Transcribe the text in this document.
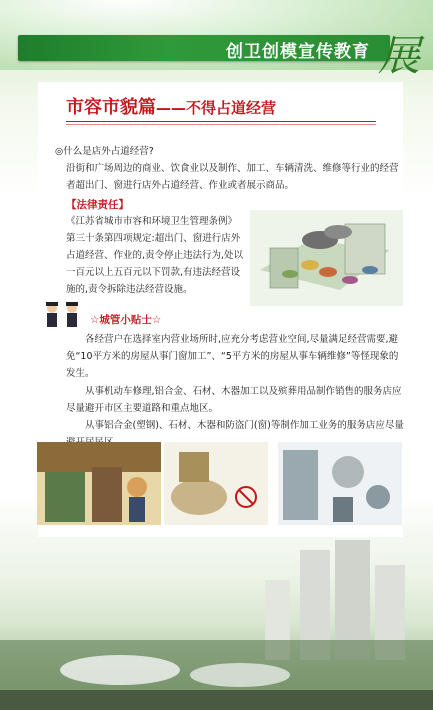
创卫创模宣传教育 展
市容市貌篇——不得占道经营
◎什么是店外占道经营?
沿街和广场周边的商业、饮食业以及制作、加工、车辆清洗、维修等行业的经营者超出门、窗进行店外占道经营、作业或者展示商品。
【法律责任】
《江苏省城市市容和环境卫生管理条例》第三十条第四项规定:超出门、窗进行店外占道经营、作业的,责令停止违法行为,处以一百元以上五百元以下罚款,有违法经营设施的,责令拆除违法经营设施。
☆城管小贴士☆
各经营户在选择室内营业场所时,应充分考虑营业空间,尽量满足经营需要,避免“10平方米的房屋从事门窗加工”、“5平方米的房屋从事车辆维修”等怪现象的发生。
从事机动车修理,铝合金、石材、木器加工以及殡葬用品制作销售的服务店应尽量避开市区主要道路和重点地区。
从事铝合金(塑钢)、石材、木器和防盗门(窗)等制作加工业务的服务店应尽量
